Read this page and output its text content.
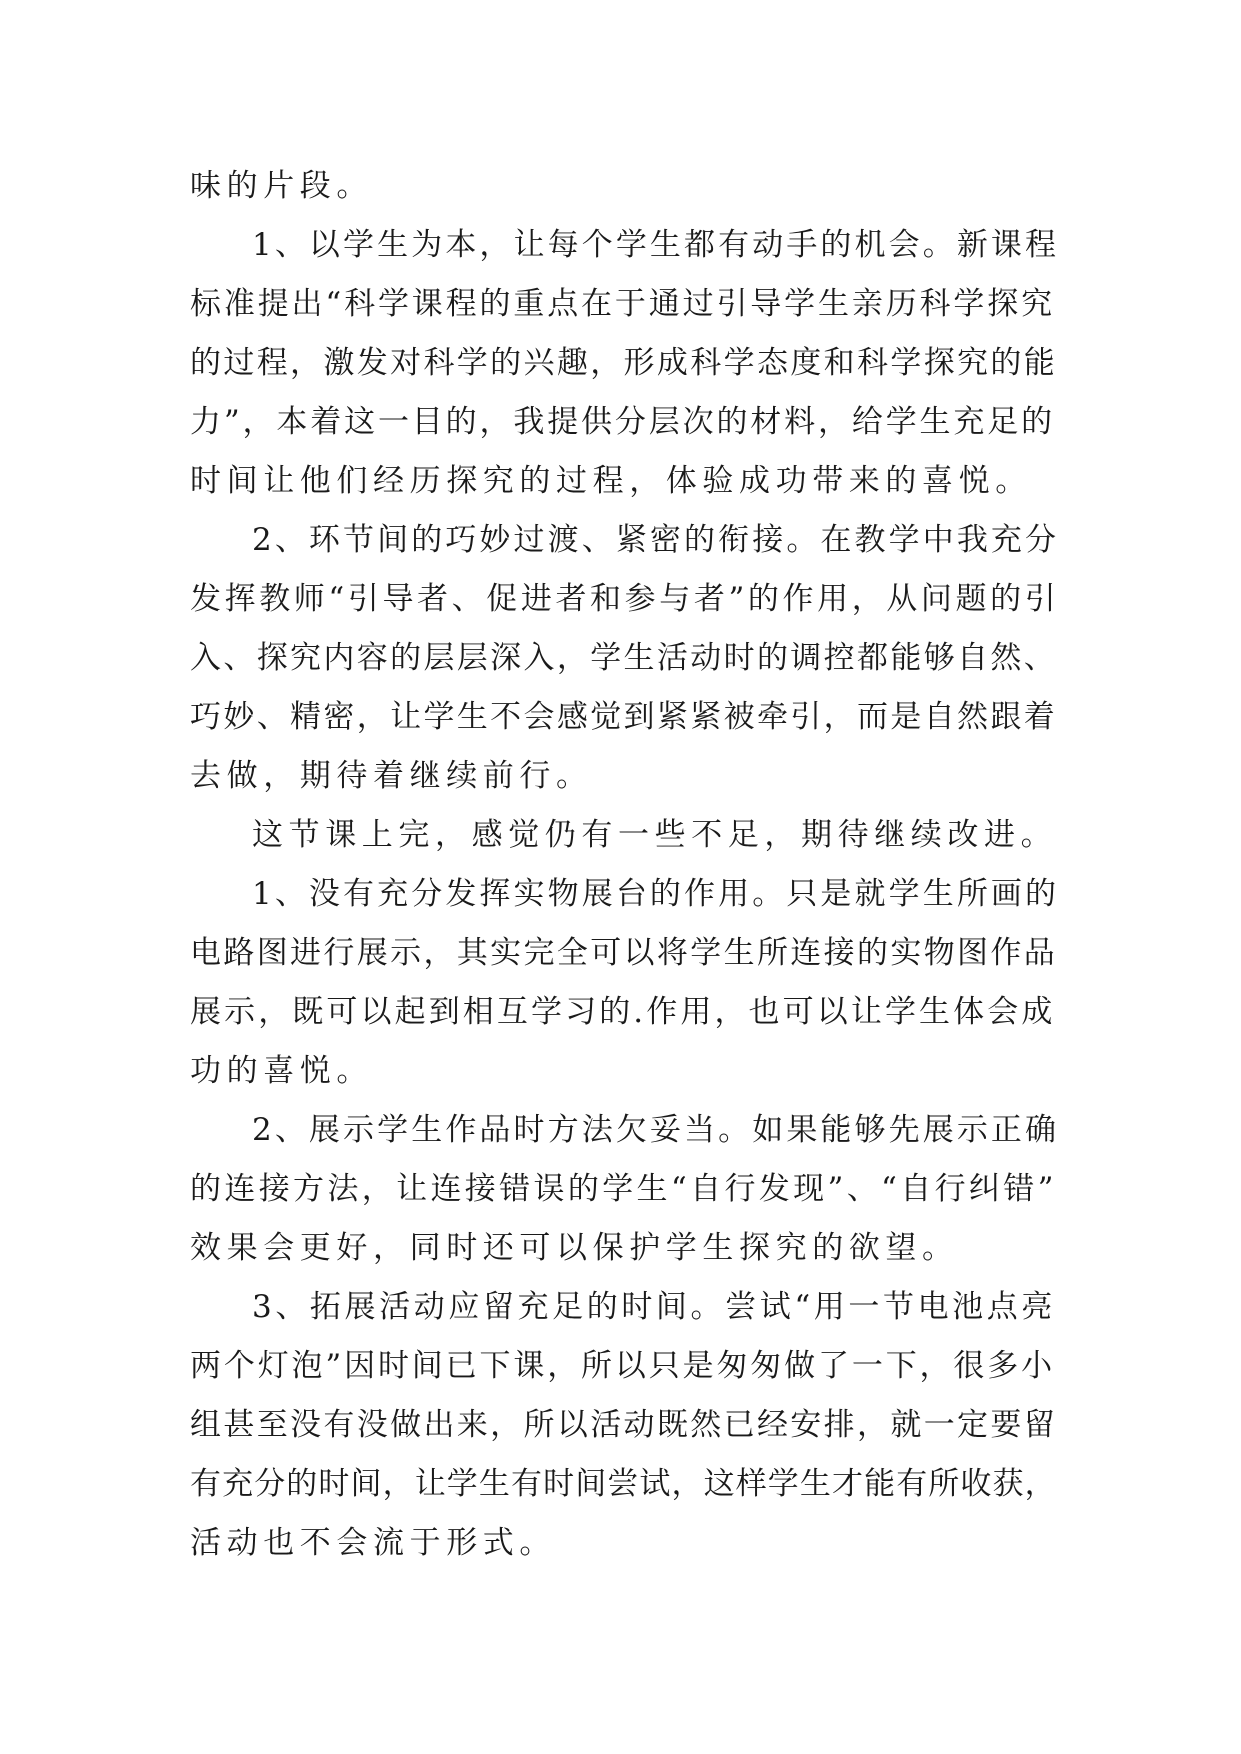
味的片段。
1、以学生为本，让每个学生都有动手的机会。新课程
标准提出“科学课程的重点在于通过引导学生亲历科学探究
的过程，激发对科学的兴趣，形成科学态度和科学探究的能
力”，本着这一目的，我提供分层次的材料，给学生充足的
时间让他们经历探究的过程，体验成功带来的喜悦。
2、环节间的巧妙过渡、紧密的衔接。在教学中我充分
发挥教师“引导者、促进者和参与者”的作用，从问题的引
入、探究内容的层层深入，学生活动时的调控都能够自然、
巧妙、精密，让学生不会感觉到紧紧被牵引，而是自然跟着
去做，期待着继续前行。
这节课上完，感觉仍有一些不足，期待继续改进。
1、没有充分发挥实物展台的作用。只是就学生所画的
电路图进行展示，其实完全可以将学生所连接的实物图作品
展示，既可以起到相互学习的.作用，也可以让学生体会成
功的喜悦。
2、展示学生作品时方法欠妥当。如果能够先展示正确
的连接方法，让连接错误的学生“自行发现”、“自行纠错”
效果会更好，同时还可以保护学生探究的欲望。
3、拓展活动应留充足的时间。尝试“用一节电池点亮
两个灯泡”因时间已下课，所以只是匆匆做了一下，很多小
组甚至没有没做出来，所以活动既然已经安排，就一定要留
有充分的时间，让学生有时间尝试，这样学生才能有所收获，
活动也不会流于形式。
